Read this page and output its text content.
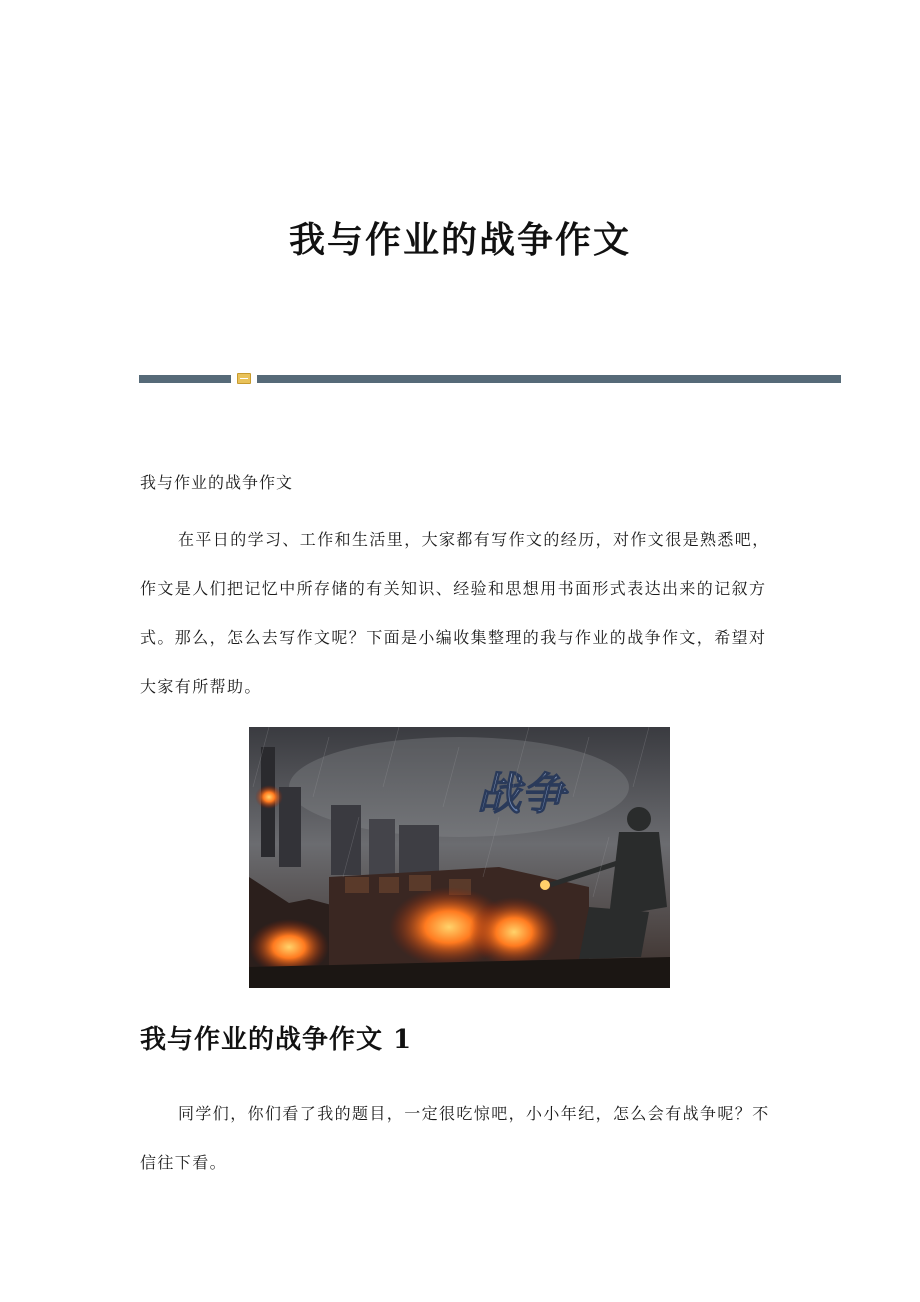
我与作业的战争作文
我与作业的战争作文

在平日的学习、工作和生活里，大家都有写作文的经历，对作文很是熟悉吧，作文是人们把记忆中所存储的有关知识、经验和思想用书面形式表达出来的记叙方式。那么，怎么去写作文呢？下面是小编收集整理的我与作业的战争作文，希望对大家有所帮助。

战争
我与作业的战争作文 1

同学们，你们看了我的题目，一定很吃惊吧，小小年纪，怎么会有战争呢？不信往下看。
